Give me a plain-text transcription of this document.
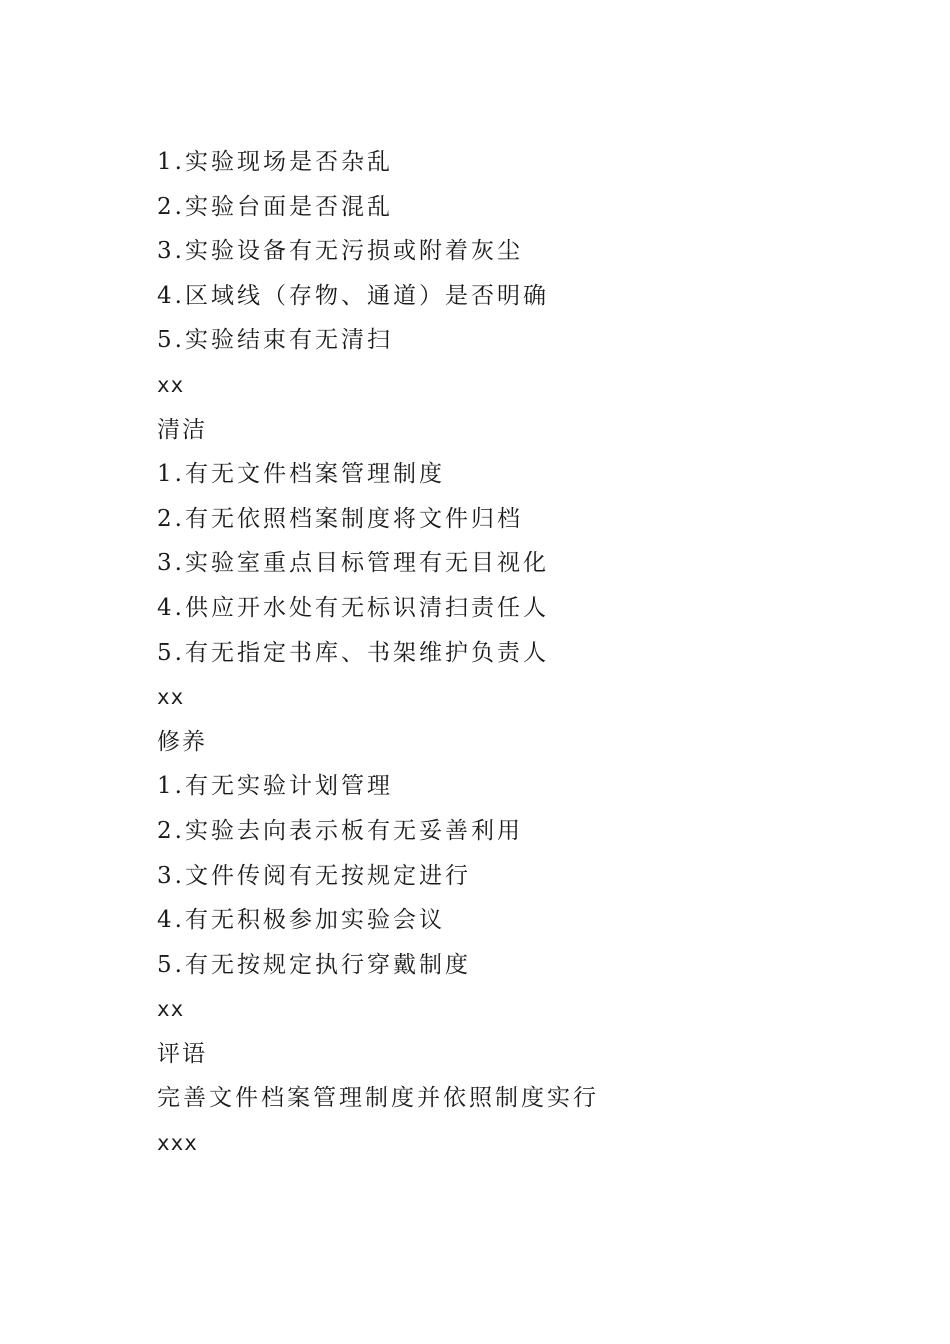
1.实验现场是否杂乱
2.实验台面是否混乱
3.实验设备有无污损或附着灰尘
4.区域线（存物、通道）是否明确
5.实验结束有无清扫
xx
清洁
1.有无文件档案管理制度
2.有无依照档案制度将文件归档
3.实验室重点目标管理有无目视化
4.供应开水处有无标识清扫责任人
5.有无指定书库、书架维护负责人
xx
修养
1.有无实验计划管理
2.实验去向表示板有无妥善利用
3.文件传阅有无按规定进行
4.有无积极参加实验会议
5.有无按规定执行穿戴制度
xx
评语
完善文件档案管理制度并依照制度实行
xxx
